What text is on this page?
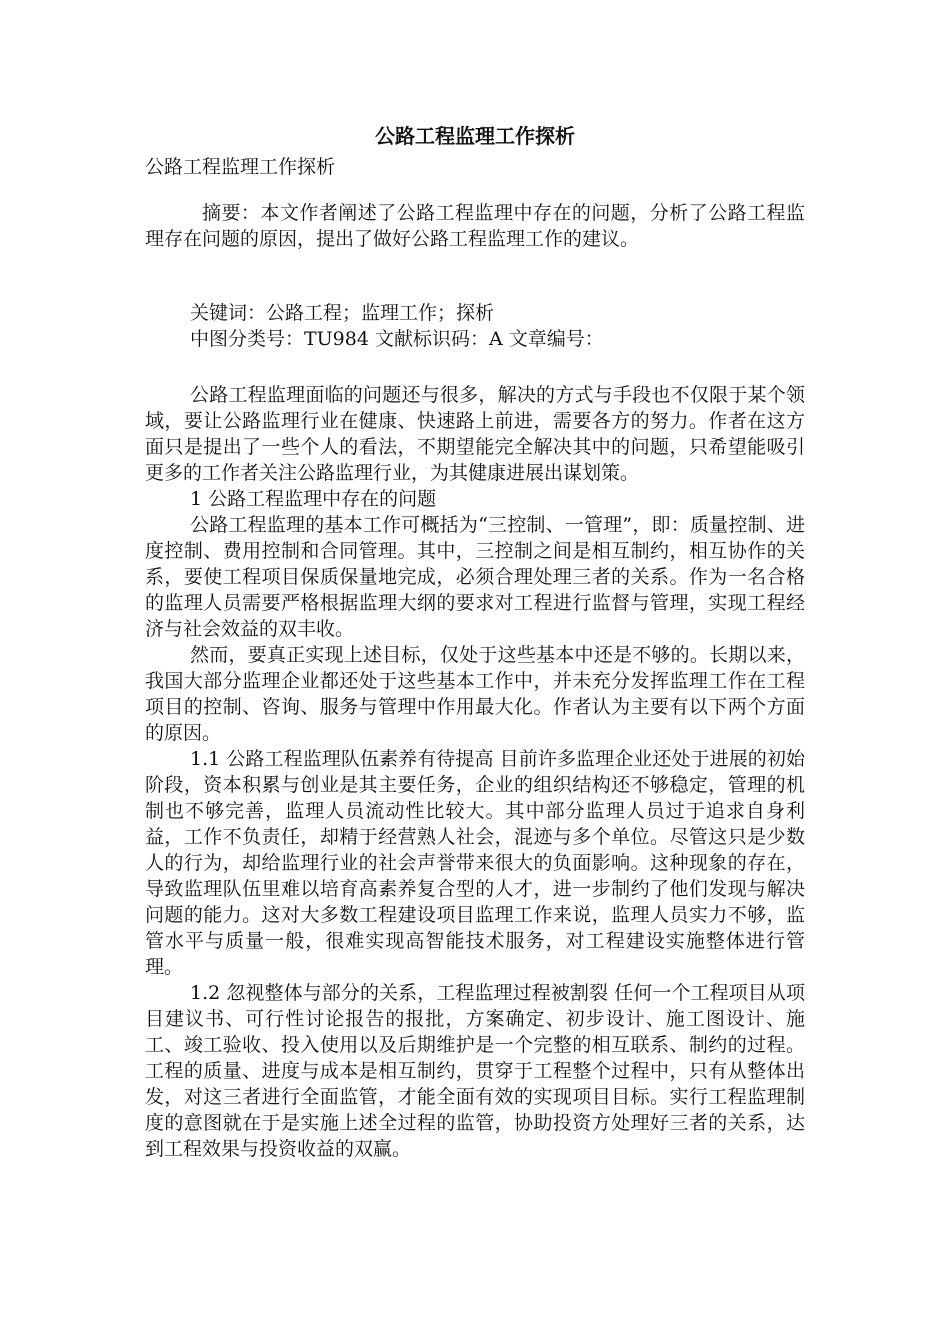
公路工程监理工作探析

公路工程监理工作探析

摘要：本文作者阐述了公路工程监理中存在的问题，分析了公路工程监理存在问题的原因，提出了做好公路工程监理工作的建议。

关键词：公路工程；监理工作；探析

中图分类号：TU984 文献标识码：A 文章编号：

公路工程监理面临的问题还与很多，解决的方式与手段也不仅限于某个领域，要让公路监理行业在健康、快速路上前进，需要各方的努力。作者在这方面只是提出了一些个人的看法，不期望能完全解决其中的问题，只希望能吸引更多的工作者关注公路监理行业，为其健康进展出谋划策。

1 公路工程监理中存在的问题

公路工程监理的基本工作可概括为“三控制、一管理”，即：质量控制、进度控制、费用控制和合同管理。其中，三控制之间是相互制约，相互协作的关系，要使工程项目保质保量地完成，必须合理处理三者的关系。作为一名合格的监理人员需要严格根据监理大纲的要求对工程进行监督与管理，实现工程经济与社会效益的双丰收。

然而，要真正实现上述目标，仅处于这些基本中还是不够的。长期以来，我国大部分监理企业都还处于这些基本工作中，并未充分发挥监理工作在工程项目的控制、咨询、服务与管理中作用最大化。作者认为主要有以下两个方面的原因。

1.1 公路工程监理队伍素养有待提高 目前许多监理企业还处于进展的初始阶段，资本积累与创业是其主要任务，企业的组织结构还不够稳定，管理的机制也不够完善，监理人员流动性比较大。其中部分监理人员过于追求自身利益，工作不负责任，却精于经营熟人社会，混迹与多个单位。尽管这只是少数人的行为，却给监理行业的社会声誉带来很大的负面影响。这种现象的存在，导致监理队伍里难以培育高素养复合型的人才，进一步制约了他们发现与解决问题的能力。这对大多数工程建设项目监理工作来说，监理人员实力不够，监管水平与质量一般，很难实现高智能技术服务，对工程建设实施整体进行管理。

1.2 忽视整体与部分的关系，工程监理过程被割裂 任何一个工程项目从项目建议书、可行性讨论报告的报批，方案确定、初步设计、施工图设计、施工、竣工验收、投入使用以及后期维护是一个完整的相互联系、制约的过程。工程的质量、进度与成本是相互制约，贯穿于工程整个过程中，只有从整体出发，对这三者进行全面监管，才能全面有效的实现项目目标。实行工程监理制度的意图就在于是实施上述全过程的监管，协助投资方处理好三者的关系，达到工程效果与投资收益的双赢。
